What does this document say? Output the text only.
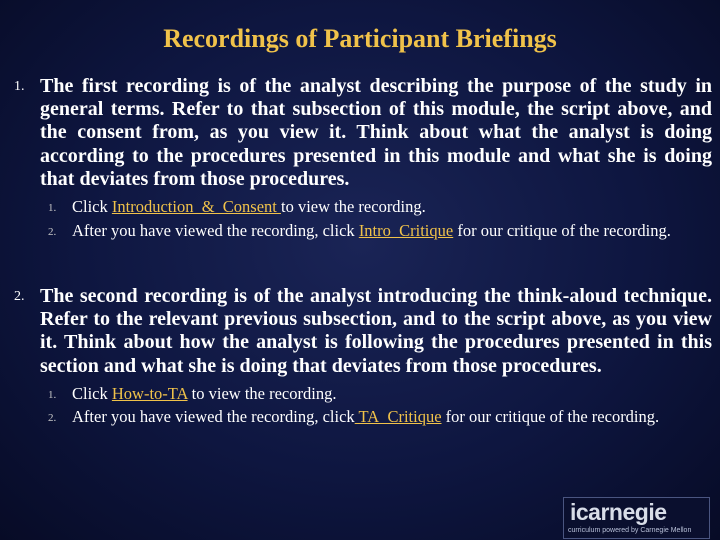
Recordings of Participant Briefings
1. The first recording is of the analyst describing the purpose of the study in general terms. Refer to that subsection of this module, the script above, and the consent from, as you view it. Think about what the analyst is doing according to the procedures presented in this module and what she is doing that deviates from those procedures.
1. Click Introduction_&_Consent to view the recording.
2. After you have viewed the recording, click Intro_Critique for our critique of the recording.
2. The second recording is of the analyst introducing the think-aloud technique. Refer to the relevant previous subsection, and to the script above, as you view it. Think about how the analyst is following the procedures presented in this section and what she is doing that deviates from those procedures.
1. Click How-to-TA to view the recording.
2. After you have viewed the recording, click TA_Critique for our critique of the recording.
icarnegie
curriculum powered by Carnegie Mellon
